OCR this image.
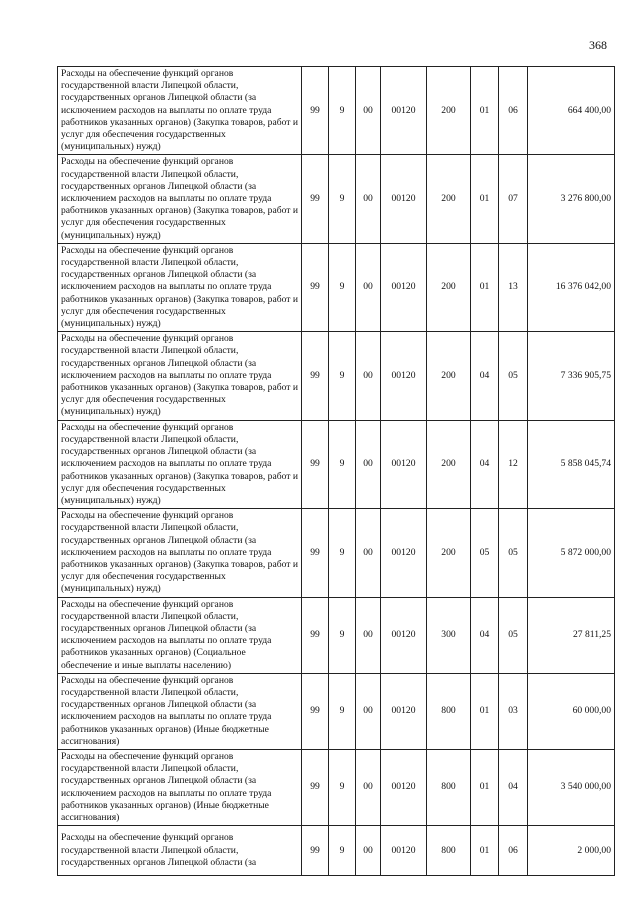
368
Расходы на обеспечение функций органов государственной власти Липецкой области, государственных органов Липецкой области (за исключением расходов на выплаты по оплате труда работников указанных органов) (Закупка товаров, работ и услуг для обеспечения государственных (муниципальных) нужд)	99	9	00	00120	200	01	06	664 400,00
Расходы на обеспечение функций органов государственной власти Липецкой области, государственных органов Липецкой области (за исключением расходов на выплаты по оплате труда работников указанных органов) (Закупка товаров, работ и услуг для обеспечения государственных (муниципальных) нужд)	99	9	00	00120	200	01	07	3 276 800,00
Расходы на обеспечение функций органов государственной власти Липецкой области, государственных органов Липецкой области (за исключением расходов на выплаты по оплате труда работников указанных органов) (Закупка товаров, работ и услуг для обеспечения государственных (муниципальных) нужд)	99	9	00	00120	200	01	13	16 376 042,00
Расходы на обеспечение функций органов государственной власти Липецкой области, государственных органов Липецкой области (за исключением расходов на выплаты по оплате труда работников указанных органов) (Закупка товаров, работ и услуг для обеспечения государственных (муниципальных) нужд)	99	9	00	00120	200	04	05	7 336 905,75
Расходы на обеспечение функций органов государственной власти Липецкой области, государственных органов Липецкой области (за исключением расходов на выплаты по оплате труда работников указанных органов) (Закупка товаров, работ и услуг для обеспечения государственных (муниципальных) нужд)	99	9	00	00120	200	04	12	5 858 045,74
Расходы на обеспечение функций органов государственной власти Липецкой области, государственных органов Липецкой области (за исключением расходов на выплаты по оплате труда работников указанных органов) (Закупка товаров, работ и услуг для обеспечения государственных (муниципальных) нужд)	99	9	00	00120	200	05	05	5 872 000,00
Расходы на обеспечение функций органов государственной власти Липецкой области, государственных органов Липецкой области (за исключением расходов на выплаты по оплате труда работников указанных органов) (Социальное обеспечение и иные выплаты населению)	99	9	00	00120	300	04	05	27 811,25
Расходы на обеспечение функций органов государственной власти Липецкой области, государственных органов Липецкой области (за исключением расходов на выплаты по оплате труда работников указанных органов) (Иные бюджетные ассигнования)	99	9	00	00120	800	01	03	60 000,00
Расходы на обеспечение функций органов государственной власти Липецкой области, государственных органов Липецкой области (за исключением расходов на выплаты по оплате труда работников указанных органов) (Иные бюджетные ассигнования)	99	9	00	00120	800	01	04	3 540 000,00
Расходы на обеспечение функций органов государственной власти Липецкой области, государственных органов Липецкой области (за	99	9	00	00120	800	01	06	2 000,00
